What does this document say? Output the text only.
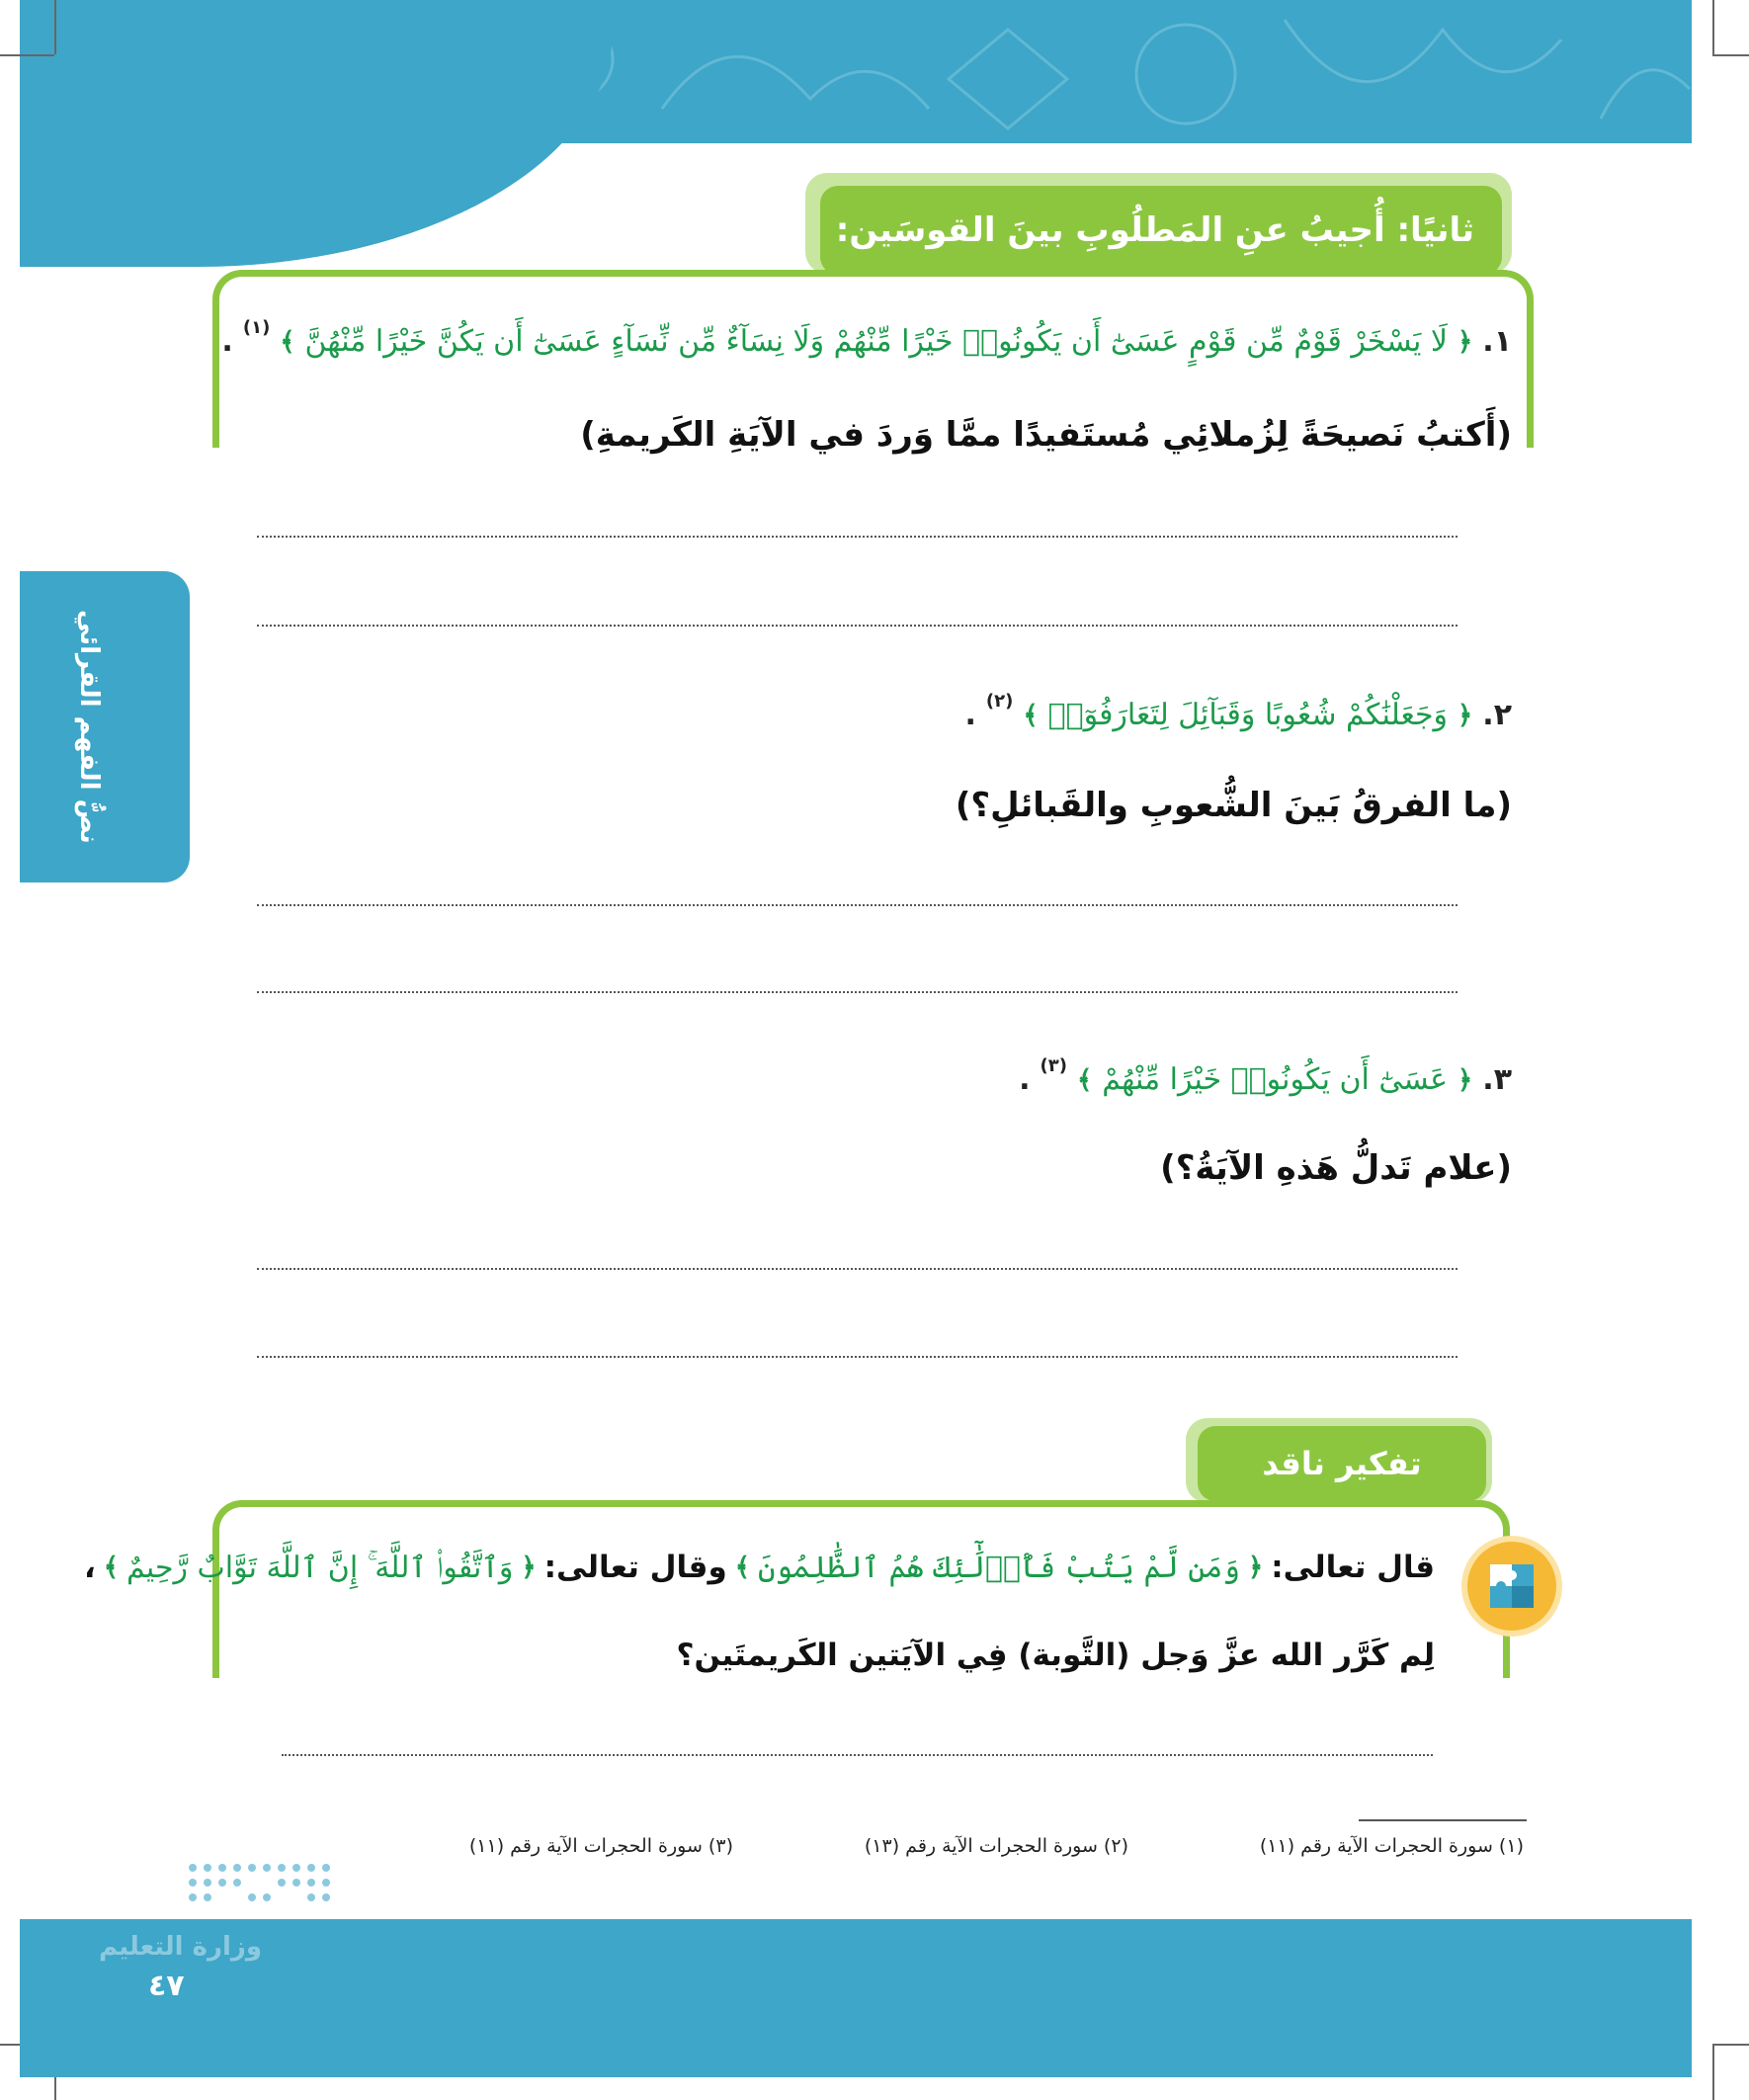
نصُّ الفهم القرائي
ثانيًا: أُجيبُ عنِ المَطلُوبِ بينَ القوسَين:
١.
﴿
لَا يَسْخَرْ قَوْمٌ مِّن قَوْمٍ عَسَىٰٓ أَن يَكُونُوا۟ خَيْرًا مِّنْهُمْ وَلَا نِسَآءٌ مِّن نِّسَآءٍ عَسَىٰٓ أَن يَكُنَّ خَيْرًا مِّنْهُنَّ
﴾
(١)
.
(أَكتبُ نَصيحَةً لِزُملائِي مُستَفيدًا ممَّا وَردَ في الآيَةِ الكَريمةِ)
٢.
﴿
وَجَعَلْنَٰكُمْ شُعُوبًا وَقَبَآئِلَ لِتَعَارَفُوٓا۟
﴾
(٢)
.
(ما الفرقُ بَينَ الشُّعوبِ والقَبائلِ؟)
٣.
﴿
عَسَىٰٓ أَن يَكُونُوا۟ خَيْرًا مِّنْهُمْ
﴾
(٣)
.
(علام تَدلُّ هَذهِ الآيَةُ؟)
تفكير ناقد
قال تعالى:
﴿
وَمَن لَّمْ يَتُبْ فَأُو۟لَٰٓئِكَ هُمُ ٱلظَّٰلِمُونَ
﴾
وقال تعالى:
﴿
وَٱتَّقُوا۟ ٱللَّهَ ۚ إِنَّ ٱللَّهَ تَوَّابٌ رَّحِيمٌ
﴾
،
لِم كَرَّر الله عزَّ وَجل (التَّوبة) فِي الآيَتين الكَريمتَين؟
(١) سورة الحجرات الآية رقم (١١)
(٢) سورة الحجرات الآية رقم (١٣)
(٣) سورة الحجرات الآية رقم (١١)
وزارة التعليم
٤٧
